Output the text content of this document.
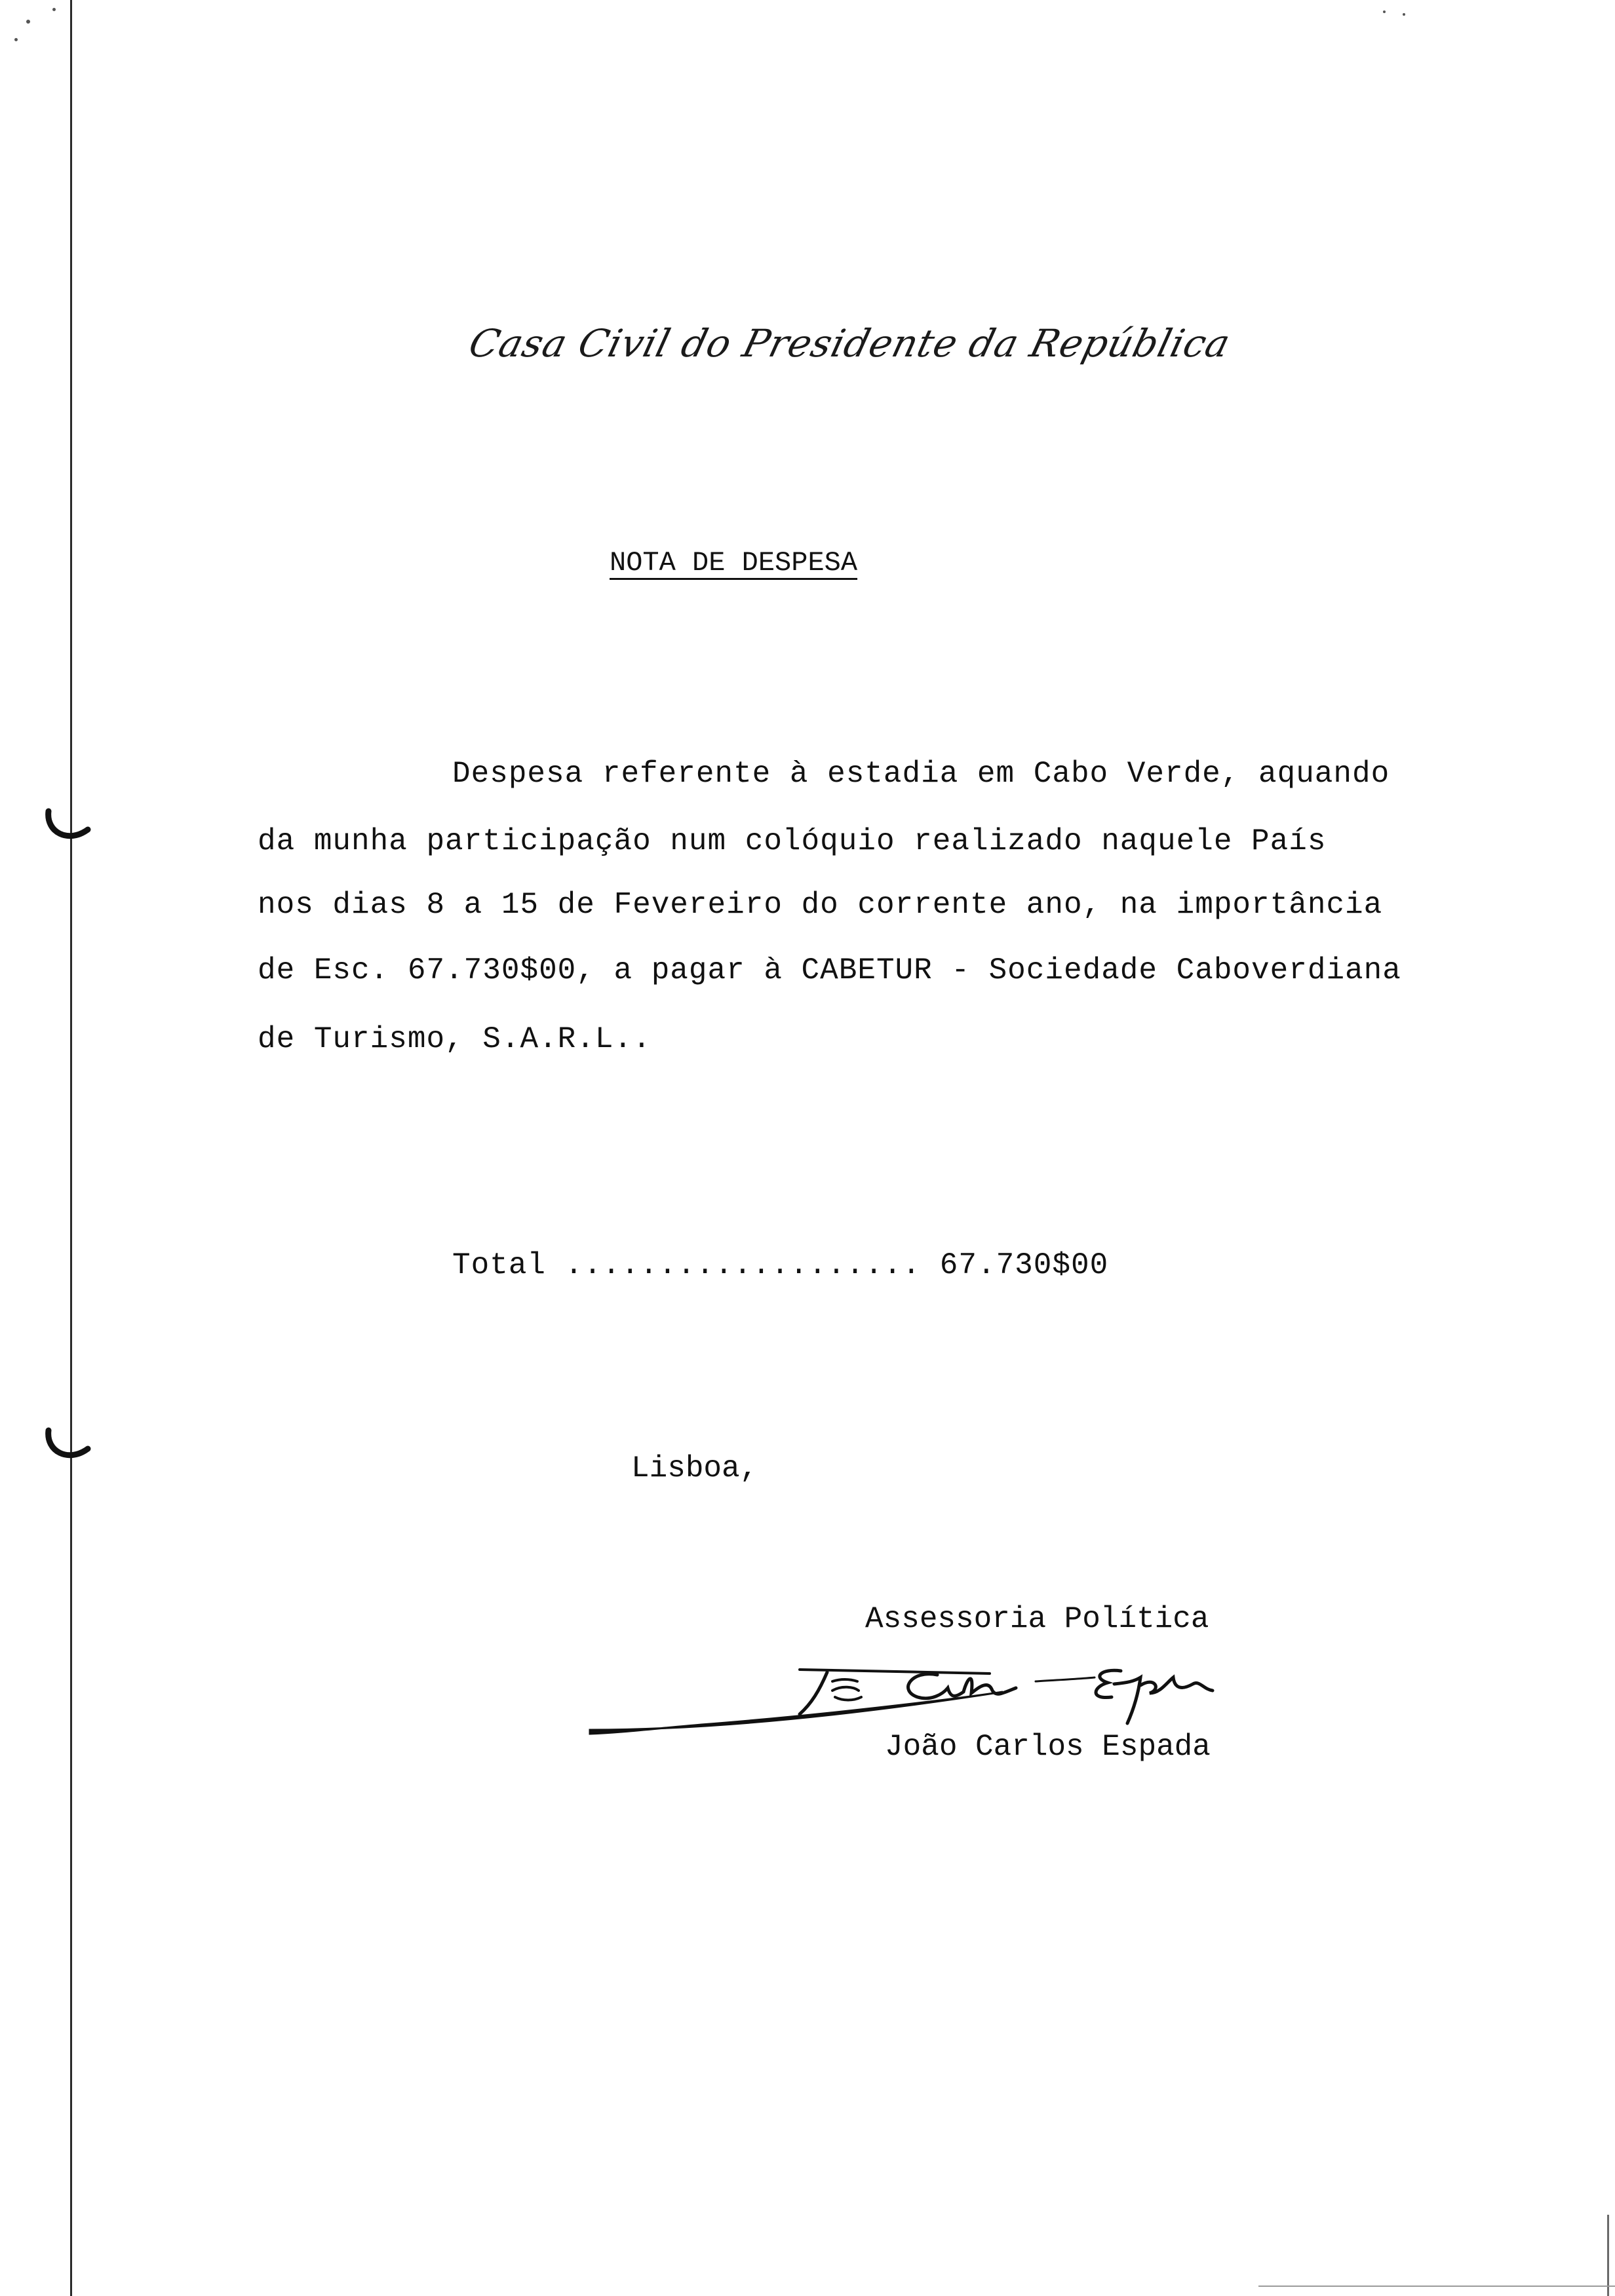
Casa Civil do Presidente da República
NOTA DE DESPESA
Despesa referente à estadia em Cabo Verde, aquando
da munha participação num colóquio realizado naquele País
nos dias 8 a 15 de Fevereiro do corrente ano, na importância
de Esc. 67.730$00, a pagar à CABETUR - Sociedade Caboverdiana
de Turismo, S.A.R.L..
Total ................... 67.730$00
Lisboa,
Assessoria Política
João Carlos Espada
